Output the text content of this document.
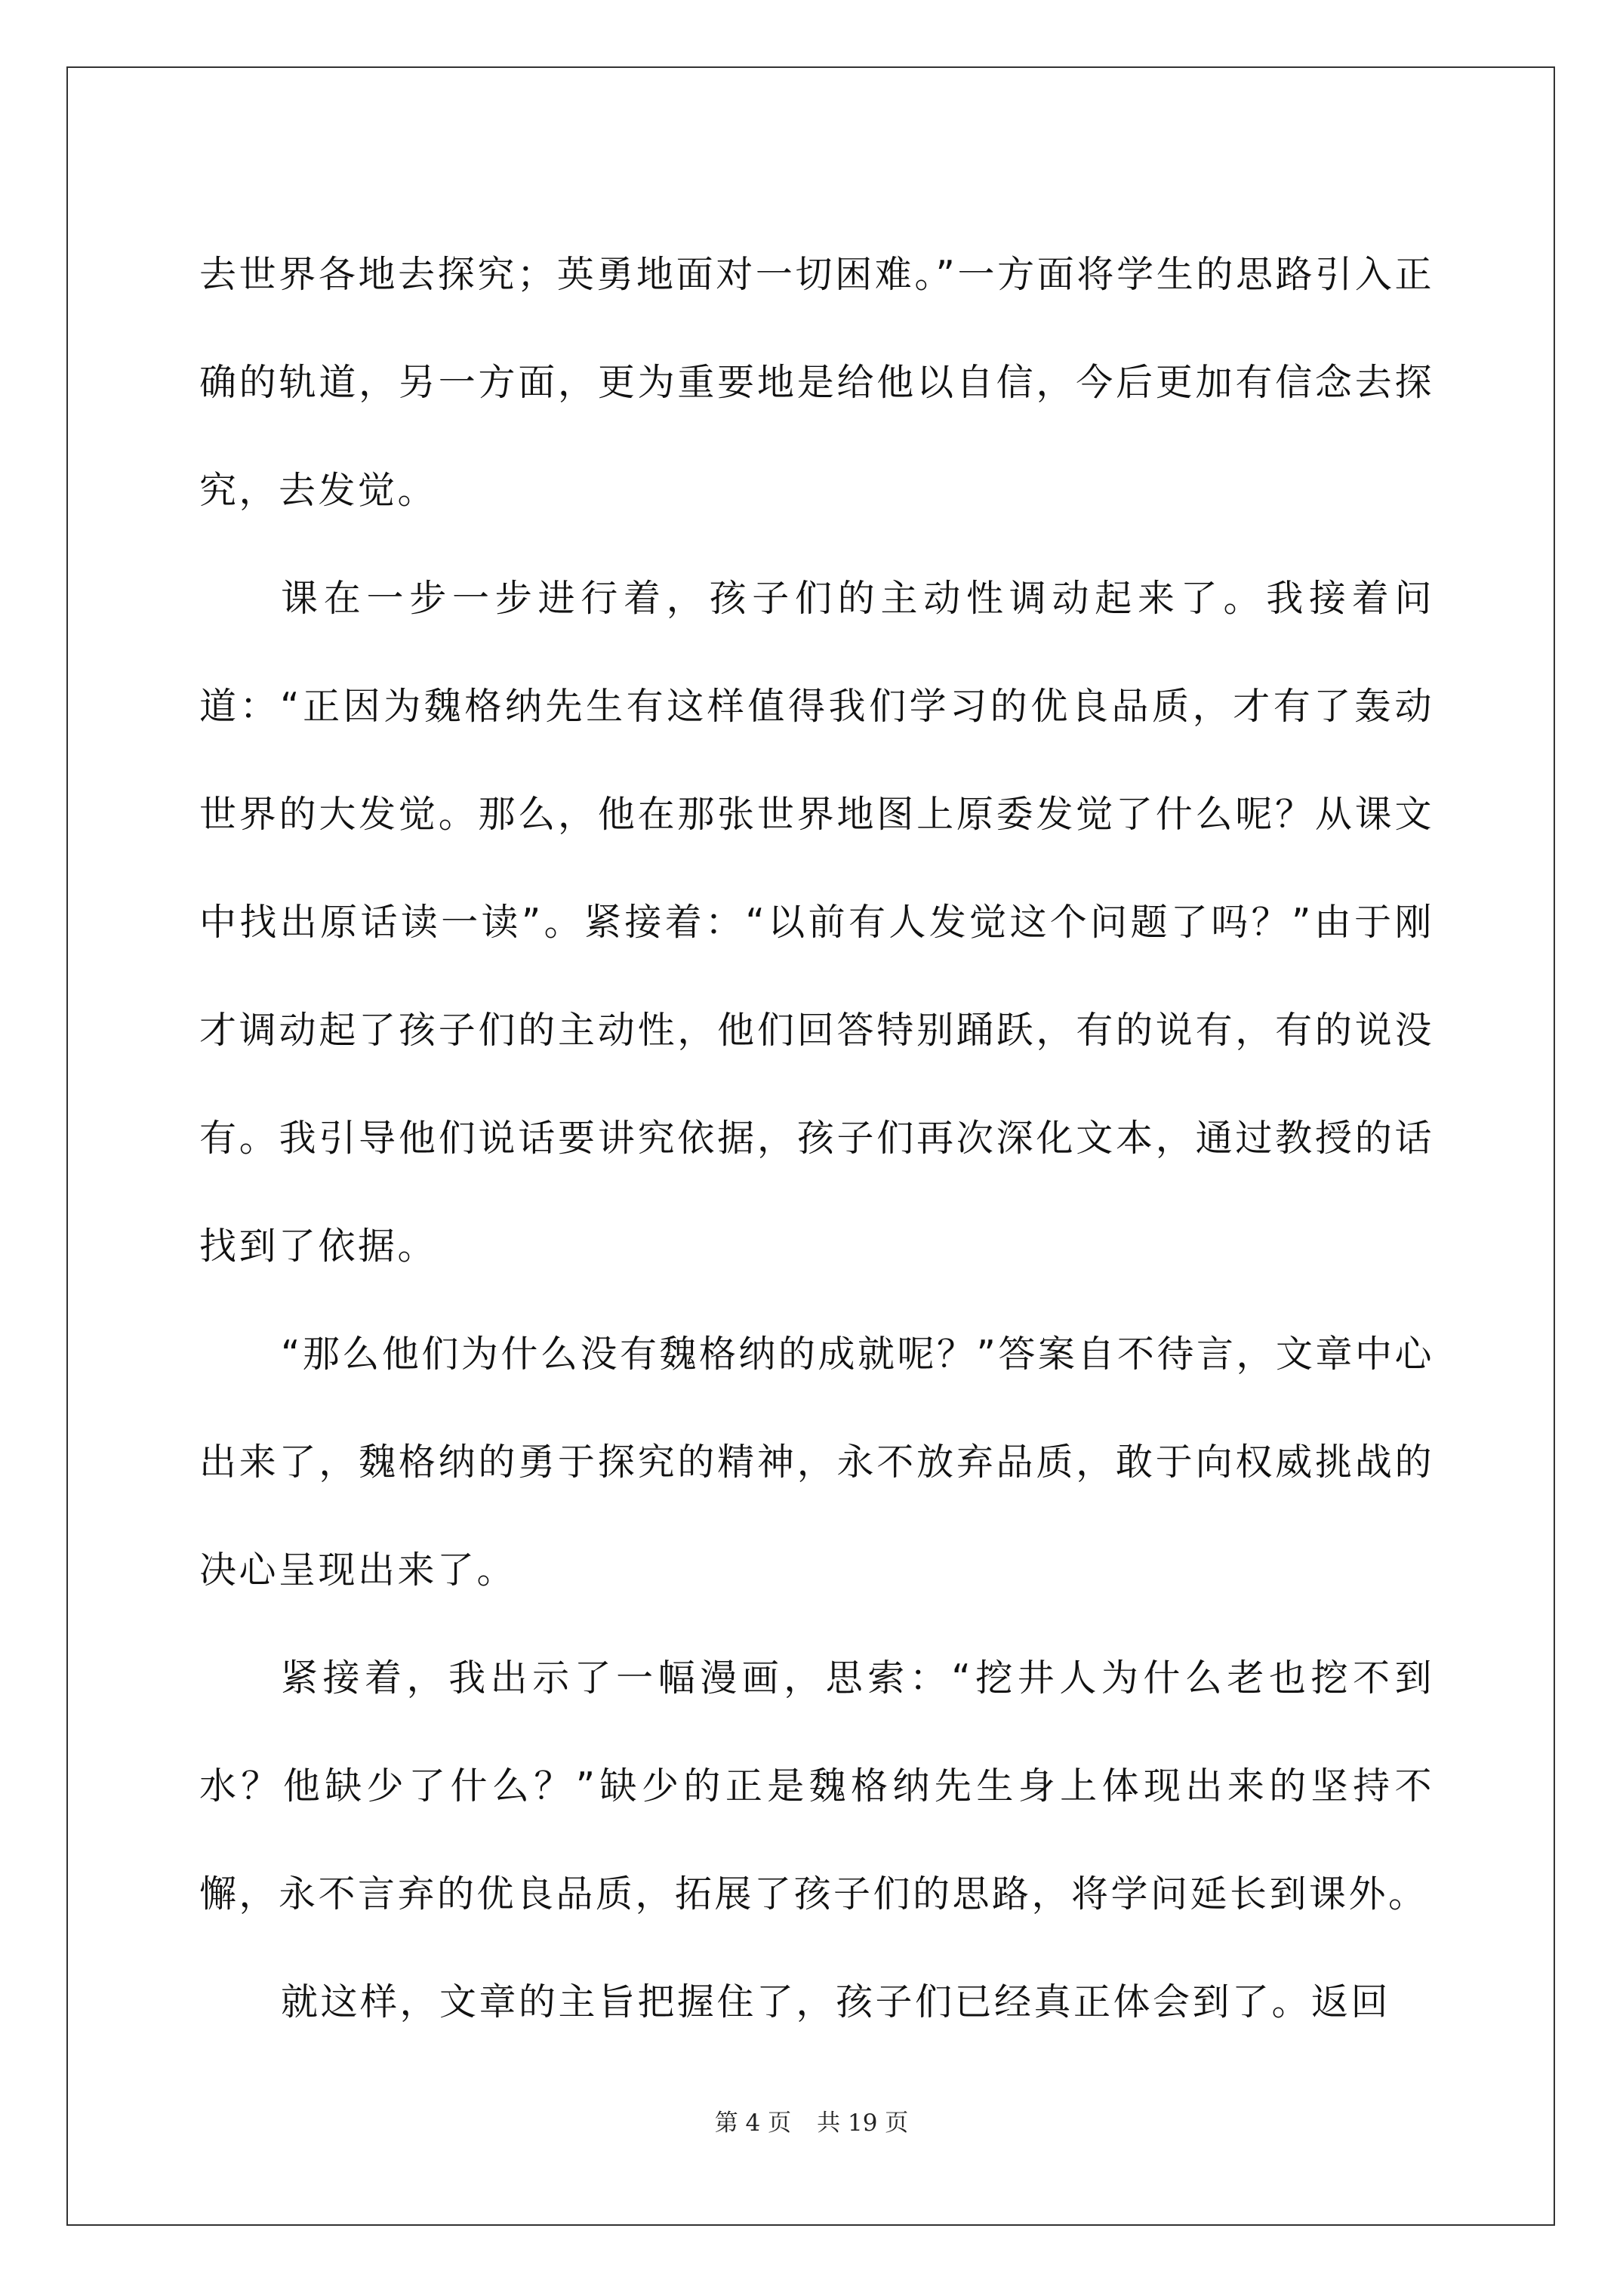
去世界各地去探究；英勇地面对一切困难。”一方面将学生的思路引入正确的轨道，另一方面，更为重要地是给他以自信，今后更加有信念去探究，去发觉。

课在一步一步进行着，孩子们的主动性调动起来了。我接着问道：“正因为魏格纳先生有这样值得我们学习的优良品质，才有了轰动世界的大发觉。那么，他在那张世界地图上原委发觉了什么呢？从课文中找出原话读一读”。紧接着：“以前有人发觉这个问题了吗？”由于刚才调动起了孩子们的主动性，他们回答特别踊跃，有的说有，有的说没有。我引导他们说话要讲究依据，孩子们再次深化文本，通过教授的话找到了依据。

“那么他们为什么没有魏格纳的成就呢？”答案自不待言，文章中心出来了，魏格纳的勇于探究的精神，永不放弃品质，敢于向权威挑战的决心呈现出来了。

紧接着，我出示了一幅漫画，思索：“挖井人为什么老也挖不到水？他缺少了什么？”缺少的正是魏格纳先生身上体现出来的坚持不懈，永不言弃的优良品质，拓展了孩子们的思路，将学问延长到课外。

就这样，文章的主旨把握住了，孩子们已经真正体会到了。返回

第 4 页 共 19 页
